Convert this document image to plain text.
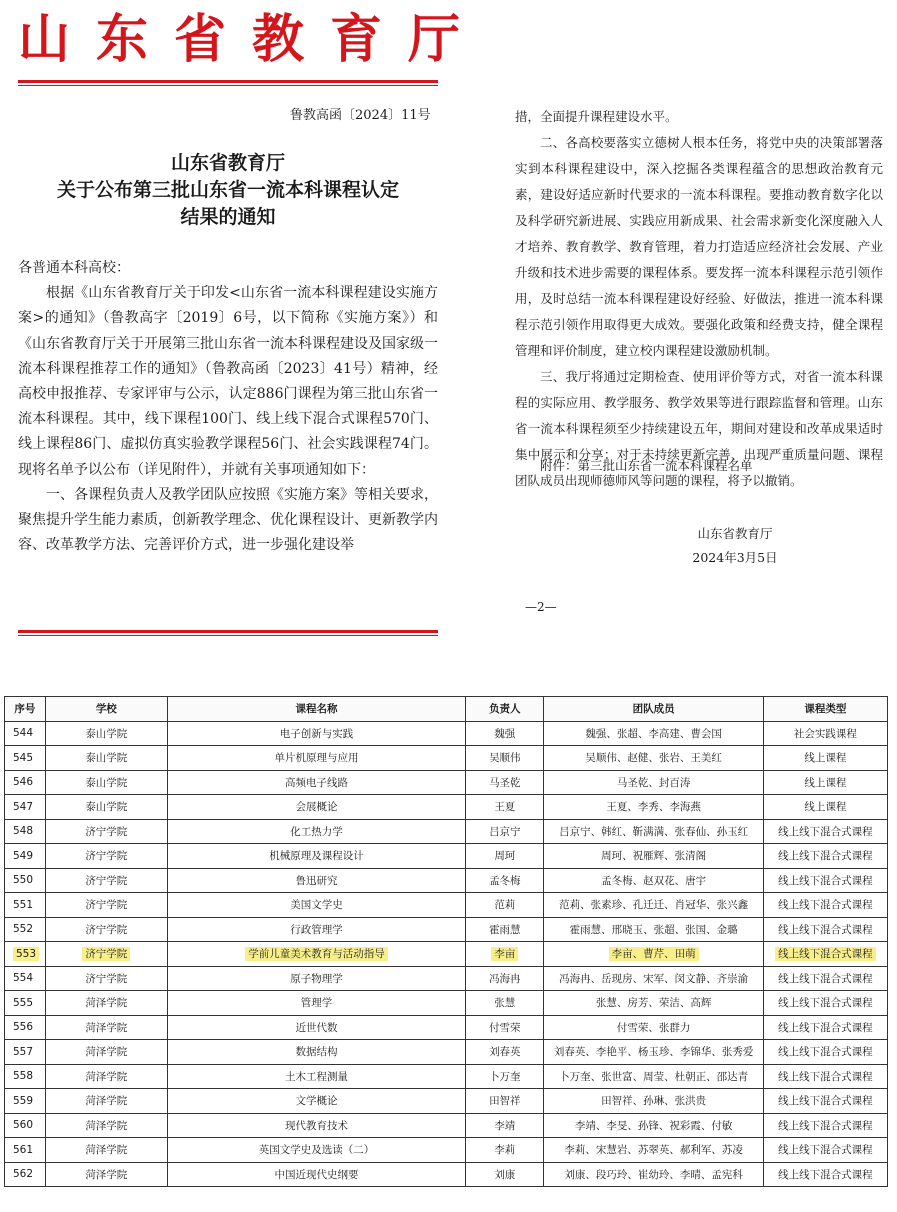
山东省教育厅
鲁教高函〔2024〕11号
山东省教育厅
关于公布第三批山东省一流本科课程认定
结果的通知

各普通本科高校：

根据《山东省教育厅关于印发<山东省一流本科课程建设实施方案>的通知》（鲁教高字〔2019〕6号，以下简称《实施方案》）和《山东省教育厅关于开展第三批山东省一流本科课程建设及国家级一流本科课程推荐工作的通知》（鲁教高函〔2023〕41号）精神，经高校申报推荐、专家评审与公示，认定886门课程为第三批山东省一流本科课程。其中，线下课程100门、线上线下混合式课程570门、线上课程86门、虚拟仿真实验教学课程56门、社会实践课程74门。现将名单予以公布（详见附件），并就有关事项通知如下：

一、各课程负责人及教学团队应按照《实施方案》等相关要求，聚焦提升学生能力素质，创新教学理念、优化课程设计、更新教学内容、改革教学方法、完善评价方式，进一步强化建设举

措，全面提升课程建设水平。

二、各高校要落实立德树人根本任务，将党中央的决策部署落实到本科课程建设中，深入挖掘各类课程蕴含的思想政治教育元素，建设好适应新时代要求的一流本科课程。要推动教育数字化以及科学研究新进展、实践应用新成果、社会需求新变化深度融入人才培养、教育教学、教育管理，着力打造适应经济社会发展、产业升级和技术进步需要的课程体系。要发挥一流本科课程示范引领作用，及时总结一流本科课程建设好经验、好做法，推进一流本科课程示范引领作用取得更大成效。要强化政策和经费支持，健全课程管理和评价制度，建立校内课程建设激励机制。

三、我厅将通过定期检查、使用评价等方式，对省一流本科课程的实际应用、教学服务、教学效果等进行跟踪监督和管理。山东省一流本科课程须至少持续建设五年，期间对建设和改革成果适时集中展示和分享；对于未持续更新完善、出现严重质量问题、课程团队成员出现师德师风等问题的课程，将予以撤销。

附件：第三批山东省一流本科课程名单
山东省教育厅
2024年3月5日
—2—
序号	学校	课程名称	负责人	团队成员	课程类型
544	泰山学院	电子创新与实践	魏强	魏强、张超、李高建、曹会国	社会实践课程
545	泰山学院	单片机原理与应用	吴顺伟	吴顺伟、赵健、张岩、王美红	线上课程
546	泰山学院	高频电子线路	马圣乾	马圣乾、封百涛	线上课程
547	泰山学院	会展概论	王夏	王夏、李秀、李海燕	线上课程
548	济宁学院	化工热力学	吕京宁	吕京宁、韩红、靳满满、张春仙、孙玉红	线上线下混合式课程
549	济宁学院	机械原理及课程设计	周珂	周珂、祝雁辉、张清阁	线上线下混合式课程
550	济宁学院	鲁迅研究	孟冬梅	孟冬梅、赵双花、唐宇	线上线下混合式课程
551	济宁学院	美国文学史	范莉	范莉、张素珍、孔迁迁、肖冠华、张兴鑫	线上线下混合式课程
552	济宁学院	行政管理学	霍雨慧	霍雨慧、邢晓玉、张超、张国、金璐	线上线下混合式课程
553	济宁学院	学前儿童美术教育与活动指导	李亩	李亩、曹芹、田萌	线上线下混合式课程
554	济宁学院	原子物理学	冯海冉	冯海冉、岳现房、宋军、闵文静、齐崇渝	线上线下混合式课程
555	菏泽学院	管理学	张慧	张慧、房芳、荣洁、高辉	线上线下混合式课程
556	菏泽学院	近世代数	付雪荣	付雪荣、张群力	线上线下混合式课程
557	菏泽学院	数据结构	刘春英	刘春英、李艳平、杨玉珍、李锦华、张秀爱	线上线下混合式课程
558	菏泽学院	土木工程测量	卜万奎	卜万奎、张世富、周莹、杜朝正、邵达青	线上线下混合式课程
559	菏泽学院	文学概论	田智祥	田智祥、孙琳、张洪贵	线上线下混合式课程
560	菏泽学院	现代教育技术	李靖	李靖、李旻、孙锋、祝彩霞、付敏	线上线下混合式课程
561	菏泽学院	英国文学史及选读（二）	李莉	李莉、宋慧岩、苏翠英、郝利军、苏凌	线上线下混合式课程
562	菏泽学院	中国近现代史纲要	刘康	刘康、段巧玲、崔幼玲、李晴、孟宪科	线上线下混合式课程
